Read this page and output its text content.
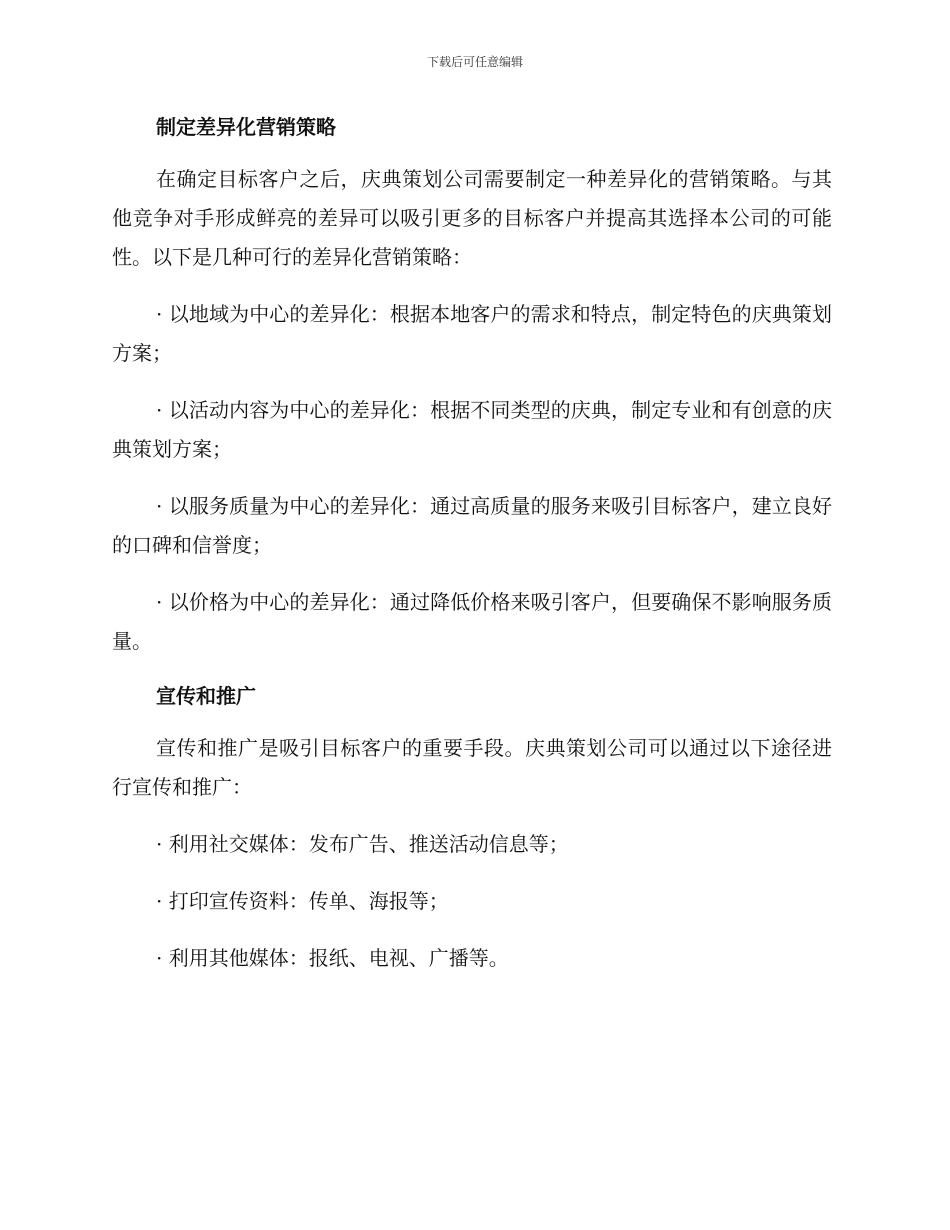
下载后可任意编辑
制定差异化营销策略

在确定目标客户之后，庆典策划公司需要制定一种差异化的营销策略。与其他竞争对手形成鲜亮的差异可以吸引更多的目标客户并提高其选择本公司的可能性。以下是几种可行的差异化营销策略：

· 以地域为中心的差异化：根据本地客户的需求和特点，制定特色的庆典策划方案；

· 以活动内容为中心的差异化：根据不同类型的庆典，制定专业和有创意的庆典策划方案；

· 以服务质量为中心的差异化：通过高质量的服务来吸引目标客户，建立良好的口碑和信誉度；

· 以价格为中心的差异化：通过降低价格来吸引客户，但要确保不影响服务质量。

宣传和推广

宣传和推广是吸引目标客户的重要手段。庆典策划公司可以通过以下途径进行宣传和推广：

· 利用社交媒体：发布广告、推送活动信息等；

· 打印宣传资料：传单、海报等；

· 利用其他媒体：报纸、电视、广播等。
